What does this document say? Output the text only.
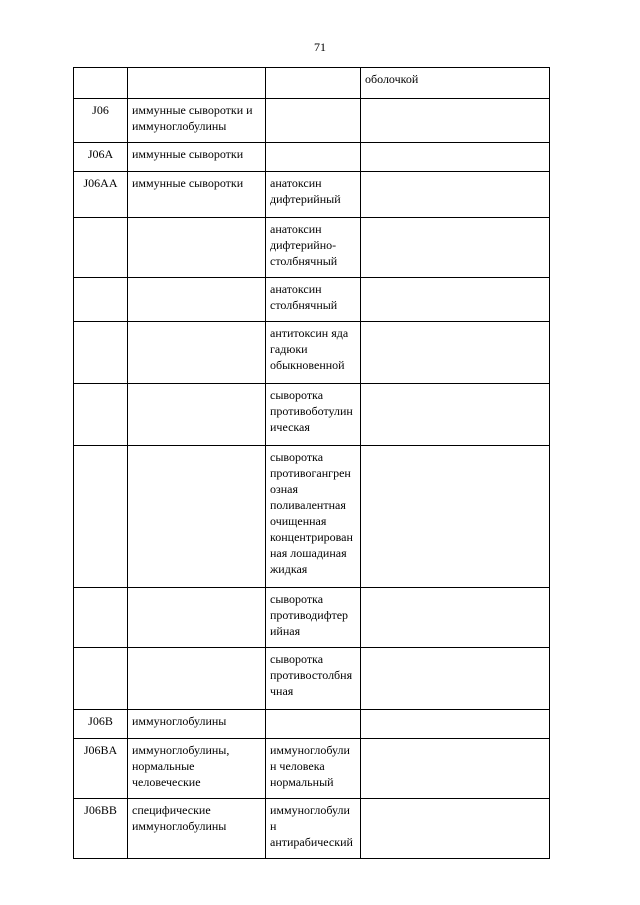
71
			оболочкой
J06	иммунные сыворотки и иммуноглобулины		
J06A	иммунные сыворотки		
J06AA	иммунные сыворотки	анатоксин дифтерийный	
		анатоксин дифтерийно-столбнячный	
		анатоксин столбнячный	
		антитоксин яда гадюки обыкновенной	
		сыворотка противоботулин ическая	
		сыворотка противогангрен озная поливалентная очищенная концентрирован ная лошадиная жидкая	
		сыворотка противодифтер ийная	
		сыворотка противостолбня чная	
J06B	иммуноглобулины		
J06BA	иммуноглобулины, нормальные человеческие	иммуноглобули н человека нормальный	
J06BB	специфические иммуноглобулины	иммуноглобули н антирабический	
